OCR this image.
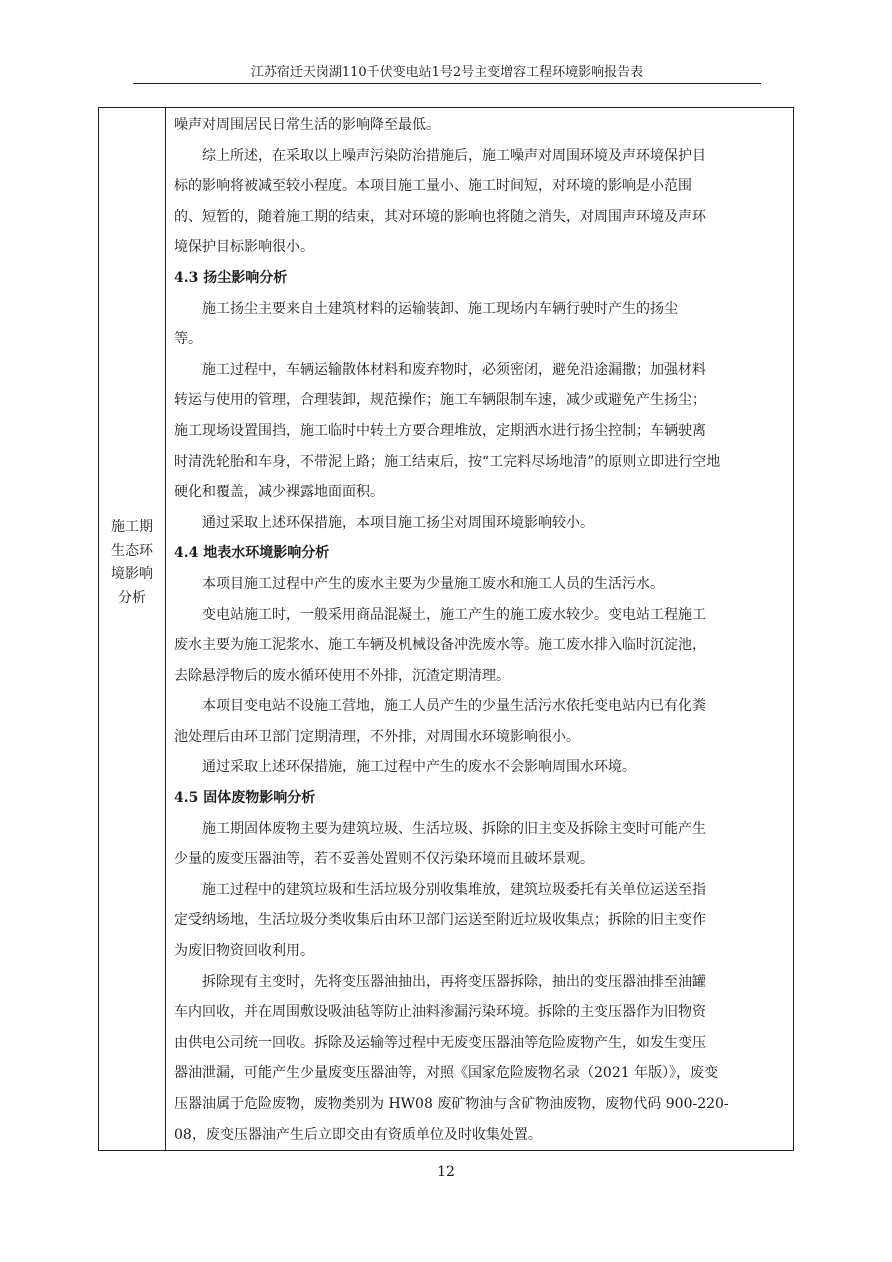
江苏宿迁天岗湖110千伏变电站1号2号主变增容工程环境影响报告表
施工期
生态环
境影响
分析

噪声对周围居民日常生活的影响降至最低。

综上所述，在采取以上噪声污染防治措施后，施工噪声对周围环境及声环境保护目

标的影响将被减至较小程度。本项目施工量小、施工时间短，对环境的影响是小范围

的、短暂的，随着施工期的结束，其对环境的影响也将随之消失，对周围声环境及声环

境保护目标影响很小。

4.3 扬尘影响分析

施工扬尘主要来自土建筑材料的运输装卸、施工现场内车辆行驶时产生的扬尘

等。

施工过程中，车辆运输散体材料和废弃物时，必须密闭，避免沿途漏撒；加强材料

转运与使用的管理，合理装卸，规范操作；施工车辆限制车速，减少或避免产生扬尘；

施工现场设置围挡，施工临时中转土方要合理堆放，定期洒水进行扬尘控制；车辆驶离

时清洗轮胎和车身，不带泥上路；施工结束后，按“工完料尽场地清”的原则立即进行空地

硬化和覆盖，减少裸露地面面积。

通过采取上述环保措施，本项目施工扬尘对周围环境影响较小。

4.4 地表水环境影响分析

本项目施工过程中产生的废水主要为少量施工废水和施工人员的生活污水。

变电站施工时，一般采用商品混凝土，施工产生的施工废水较少。变电站工程施工

废水主要为施工泥浆水、施工车辆及机械设备冲洗废水等。施工废水排入临时沉淀池，

去除悬浮物后的废水循环使用不外排，沉渣定期清理。

本项目变电站不设施工营地，施工人员产生的少量生活污水依托变电站内已有化粪

池处理后由环卫部门定期清理，不外排，对周围水环境影响很小。

通过采取上述环保措施，施工过程中产生的废水不会影响周围水环境。

4.5 固体废物影响分析

施工期固体废物主要为建筑垃圾、生活垃圾、拆除的旧主变及拆除主变时可能产生

少量的废变压器油等，若不妥善处置则不仅污染环境而且破坏景观。

施工过程中的建筑垃圾和生活垃圾分别收集堆放，建筑垃圾委托有关单位运送至指

定受纳场地，生活垃圾分类收集后由环卫部门运送至附近垃圾收集点；拆除的旧主变作

为废旧物资回收利用。

拆除现有主变时，先将变压器油抽出，再将变压器拆除，抽出的变压器油排至油罐

车内回收，并在周围敷设吸油毡等防止油料渗漏污染环境。拆除的主变压器作为旧物资

由供电公司统一回收。拆除及运输等过程中无废变压器油等危险废物产生，如发生变压

器油泄漏，可能产生少量废变压器油等，对照《国家危险废物名录（2021 年版）》，废变

压器油属于危险废物，废物类别为 HW08 废矿物油与含矿物油废物，废物代码 900-220-

08，废变压器油产生后立即交由有资质单位及时收集处置。

12
